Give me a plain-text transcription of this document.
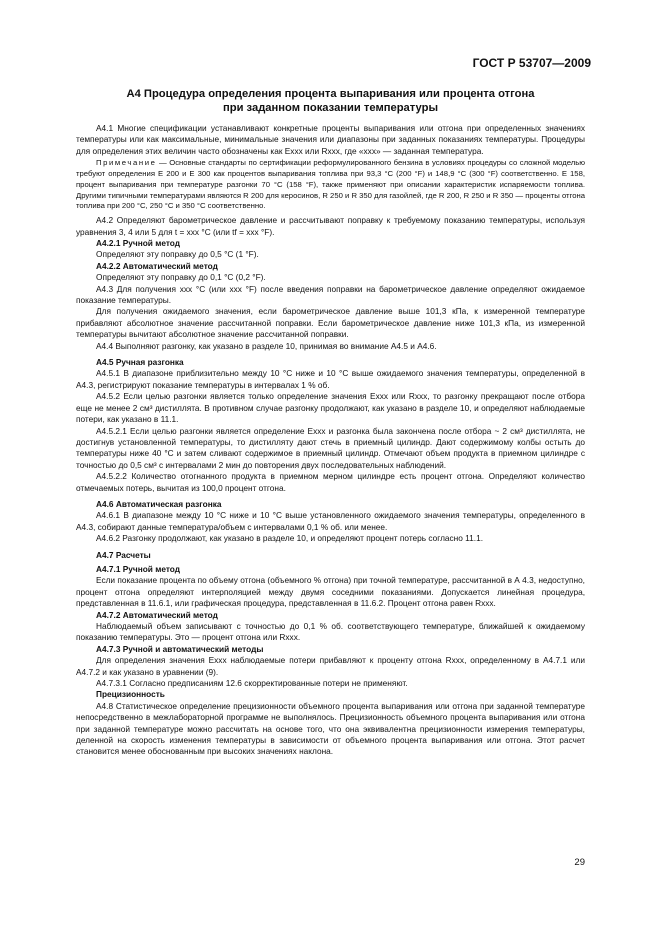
ГОСТ Р 53707—2009
А4 Процедура определения процента выпаривания или процента отгона
при заданном показании температуры

А4.1 Многие спецификации устанавливают конкретные проценты выпаривания или отгона при определенных значениях температуры или как максимальные, минимальные значения или диапазоны при заданных показаниях температуры. Процедуры для определения этих величин часто обозначены как Exxx или Rxxx, где «xxx» — заданная температура.

Примечание — Основные стандарты по сертификации реформулированного бензина в условиях процедуры со сложной моделью требуют определения E 200 и E 300 как процентов выпаривания топлива при 93,3 °C (200 °F) и 148,9 °C (300 °F) соответственно. E 158, процент выпаривания при температуре разгонки 70 °C (158 °F), также применяют при описании характеристик испаряемости топлива. Другими типичными температурами являются R 200 для керосинов, R 250 и R 350 для газойлей, где R 200, R 250 и R 350 — проценты отгона топлива при 200 °C, 250 °C и 350 °C соответственно.

А4.2 Определяют барометрическое давление и рассчитывают поправку к требуемому показанию температуры, используя уравнения 3, 4 или 5 для t = xxx °C (или tf = xxx °F).

А4.2.1 Ручной метод

Определяют эту поправку до 0,5 °C (1 °F).

А4.2.2 Автоматический метод

Определяют эту поправку до 0,1 °C (0,2 °F).

А4.3 Для получения xxx °C (или xxx °F) после введения поправки на барометрическое давление определяют ожидаемое показание температуры.

Для получения ожидаемого значения, если барометрическое давление выше 101,3 кПа, к измеренной температуре прибавляют абсолютное значение рассчитанной поправки. Если барометрическое давление ниже 101,3 кПа, из измеренной температуры вычитают абсолютное значение рассчитанной поправки.

А4.4 Выполняют разгонку, как указано в разделе 10, принимая во внимание А4.5 и А4.6.

А4.5 Ручная разгонка

А4.5.1 В диапазоне приблизительно между 10 °C ниже и 10 °C выше ожидаемого значения температуры, определенной в А4.3, регистрируют показание температуры в интервалах 1 % об.

А4.5.2 Если целью разгонки является только определение значения Exxx или Rxxx, то разгонку прекращают после отбора еще не менее 2 см³ дистиллята. В противном случае разгонку продолжают, как указано в разделе 10, и определяют наблюдаемые потери, как указано в 11.1.

А4.5.2.1 Если целью разгонки является определение Exxx и разгонка была закончена после отбора ~ 2 см³ дистиллята, не достигнув установленной температуры, то дистилляту дают стечь в приемный цилиндр. Дают содержимому колбы остыть до температуры ниже 40 °C и затем сливают содержимое в приемный цилиндр. Отмечают объем продукта в приемном цилиндре с точностью до 0,5 см³ с интервалами 2 мин до повторения двух последовательных наблюдений.

А4.5.2.2 Количество отогнанного продукта в приемном мерном цилиндре есть процент отгона. Определяют количество отмечаемых потерь, вычитая из 100,0 процент отгона.

А4.6 Автоматическая разгонка

А4.6.1 В диапазоне между 10 °C ниже и 10 °C выше установленного ожидаемого значения температуры, определенного в А4.3, собирают данные температура/объем с интервалами 0,1 % об. или менее.

А4.6.2 Разгонку продолжают, как указано в разделе 10, и определяют процент потерь согласно 11.1.

А4.7 Расчеты
А4.7.1 Ручной метод

Если показание процента по объему отгона (объемного % отгона) при точной температуре, рассчитанной в А 4.3, недоступно, процент отгона определяют интерполяцией между двумя соседними показаниями. Допускается линейная процедура, представленная в 11.6.1, или графическая процедура, представленная в 11.6.2. Процент отгона равен Rxxx.

А4.7.2 Автоматический метод

Наблюдаемый объем записывают с точностью до 0,1 % об. соответствующего температуре, ближайшей к ожидаемому показанию температуры. Это — процент отгона или Rxxx.

А4.7.3 Ручной и автоматический методы

Для определения значения Exxx наблюдаемые потери прибавляют к проценту отгона Rxxx, определенному в А4.7.1 или А4.7.2 и как указано в уравнении (9).

А4.7.3.1 Согласно предписаниям 12.6 скорректированные потери не применяют.

Прецизионность

А4.8 Статистическое определение прецизионности объемного процента выпаривания или отгона при заданной температуре непосредственно в межлабораторной программе не выполнялось. Прецизионность объемного процента выпаривания или отгона при заданной температуре можно рассчитать на основе того, что она эквивалентна прецизионности измерения температуры, деленной на скорость изменения температуры в зависимости от объемного процента выпаривания или отгона. Этот расчет становится менее обоснованным при высоких значениях наклона.

29
